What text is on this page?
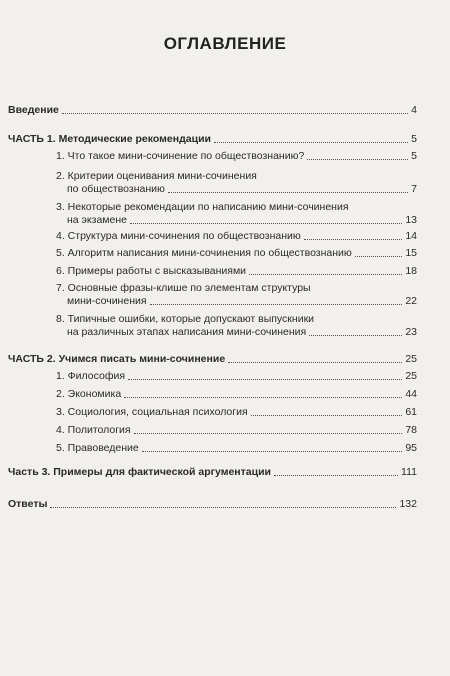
ОГЛАВЛЕНИЕ
Введение	4
ЧАСТЬ 1. Методические рекомендации	5
1. Что такое мини-сочинение по обществознанию?	5
2. Критерии оценивания мини-сочинения
по обществознанию	7
3. Некоторые рекомендации по написанию мини-сочинения
на экзамене	13
4. Структура мини-сочинения по обществознанию	14
5. Алгоритм написания мини-сочинения по обществознанию	15
6. Примеры работы с высказываниями	18
7. Основные фразы-клише по элементам структуры
мини-сочинения	22
8. Типичные ошибки, которые допускают выпускники
на различных этапах написания мини-сочинения	23
ЧАСТЬ 2. Учимся писать мини-сочинение	25
1. Философия	25
2. Экономика	44
3. Социология, социальная психология	61
4. Политология	78
5. Правоведение	95
Часть 3. Примеры для фактической аргументации	111
Ответы	132
